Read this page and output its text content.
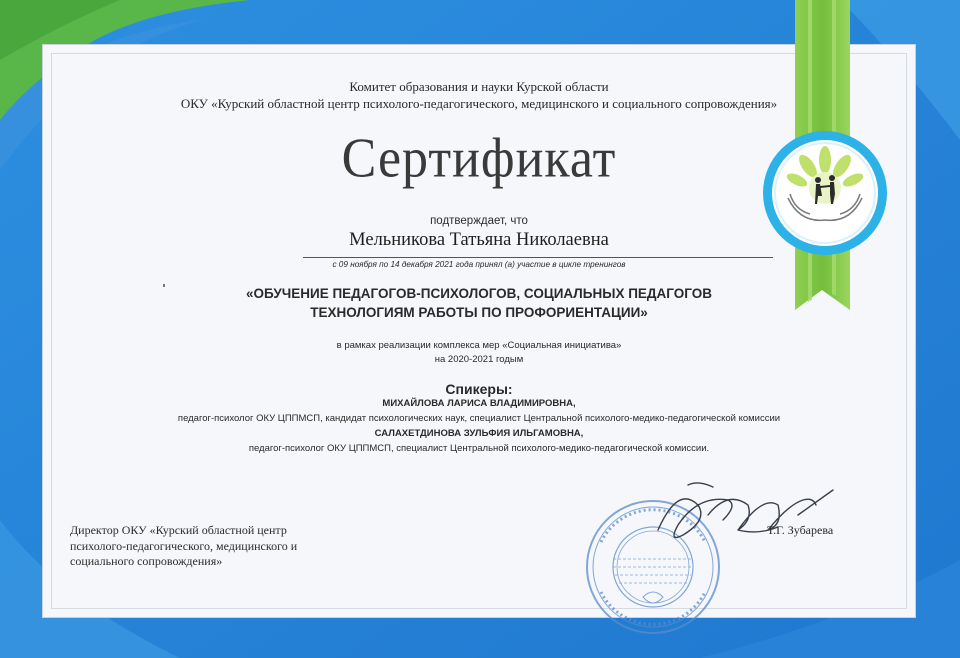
Комитет образования и науки Курской области
ОКУ «Курский областной центр психолого-педагогического, медицинского и социального сопровождения»
Сертификат
подтверждает, что
Мельникова Татьяна Николаевна
с 09 ноября по 14 декабря 2021 года принял (а) участие в цикле тренингов
«ОБУЧЕНИЕ ПЕДАГОГОВ-ПСИХОЛОГОВ, СОЦИАЛЬНЫХ ПЕДАГОГОВ
ТЕХНОЛОГИЯМ РАБОТЫ ПО ПРОФОРИЕНТАЦИИ»
в рамках реализации комплекса мер «Социальная инициатива»
на 2020-2021 годым
Спикеры:
МИХАЙЛОВА ЛАРИСА ВЛАДИМИРОВНА,
педагог-психолог ОКУ ЦППМСП, кандидат психологических наук, специалист Центральной психолого-медико-педагогической комиссии
САЛАХЕТДИНОВА ЗУЛЬФИЯ ИЛЬГАМОВНА,
педагог-психолог ОКУ ЦППМСП, специалист Центральной психолого-медико-педагогической комиссии.
Директор ОКУ «Курский областной центр
психолого-педагогического, медицинского и
социального сопровождения»
Т.Г. Зубарева
